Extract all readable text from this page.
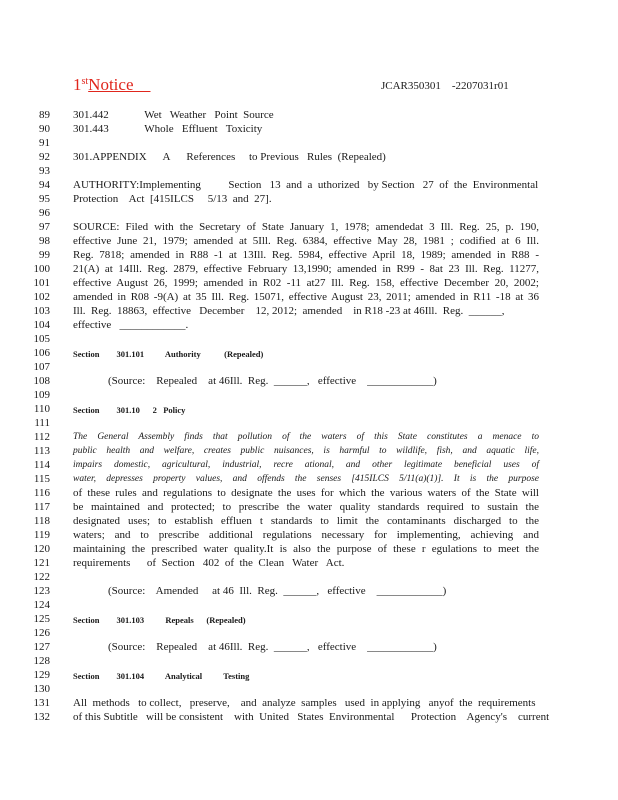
1stNotice	JCAR350301    -2207031r01
89 301.442             Wet   Weather   Point  Source
90 301.443             Whole   Effluent   Toxicity
91
92 301.APPENDIX      A      References     to Previous   Rules  (Repealed)
93
94 AUTHORITY:Implementing          Section   13  and  a  uthorized   by Section   27  of  the  Environmental
95 Protection    Act  [415ILCS     5/13  and  27].
96
97 SOURCE: Filed with the Secretary of State January 1, 1978; amendedat 3 Ill. Reg. 25, p. 190,
98 effective June 21, 1979; amended at 5Ill. Reg. 6384, effective May 28, 1981 ; codified at 6 Ill.
99 Reg. 7818; amended in R88 -1 at 13Ill. Reg. 5984, effective April 18, 1989; amended in R88 -
100 21(A) at 14Ill. Reg. 2879, effective February 13,1990; amended in R99 - 8at 23 Ill. Reg. 11277,
101 effective August 26, 1999; amended in R02 -11 at27 Ill. Reg. 158, effective December 20, 2002;
102 amended in R08 -9(A) at 35 Ill. Reg. 15071, effective August 23, 2011; amended in R11 -18 at 36
103 Ill.  Reg.  18863,  effective   December    12, 2012;  amended    in R18 -23 at 46Ill.  Reg.  ______,
104 effective   ____________.
105
106	Section        301.101          Authority           (Repealed)
107
108	(Source:    Repealed    at 46Ill.  Reg.  ______,   effective    ____________)
109
110	Section        301.10      2   Policy
111
112 The General Assembly finds that pollution of the waters of this State constitutes a menace to
113 public health and welfare, creates public nuisances, is harmful to wildlife, fish, and aquatic life,
114 impairs domestic, agricultural, industrial, recre ational, and other legitimate beneficial uses of
115 water, depresses property values, and offends the senses [415ILCS 5/11(a)(1)]. It is the purpose
116 of these rules and regulations to designate the uses for which the various waters of the State will
117 be maintained and protected; to prescribe the water quality standards required to sustain the
118 designated uses; to establish effluen t standards to limit the contaminants discharged to the
119 waters; and to prescribe additional regulations necessary for implementing, achieving and
120 maintaining the prescribed water quality.It is also the purpose of these r egulations to meet the
121 requirements      of  Section   402  of  the  Clean   Water   Act.
122
123	(Source:    Amended     at 46  Ill.  Reg.  ______,   effective    ____________)
124
125	Section        301.103          Repeals      (Repealed)
126
127	(Source:    Repealed    at 46Ill.  Reg.  ______,   effective    ____________)
128
129	Section        301.104          Analytical          Testing
130
131 All  methods   to collect,   preserve,    and  analyze  samples   used  in applying   anyof  the  requirements
132 of this Subtitle   will be consistent    with  United   States  Environmental      Protection    Agency's    current
